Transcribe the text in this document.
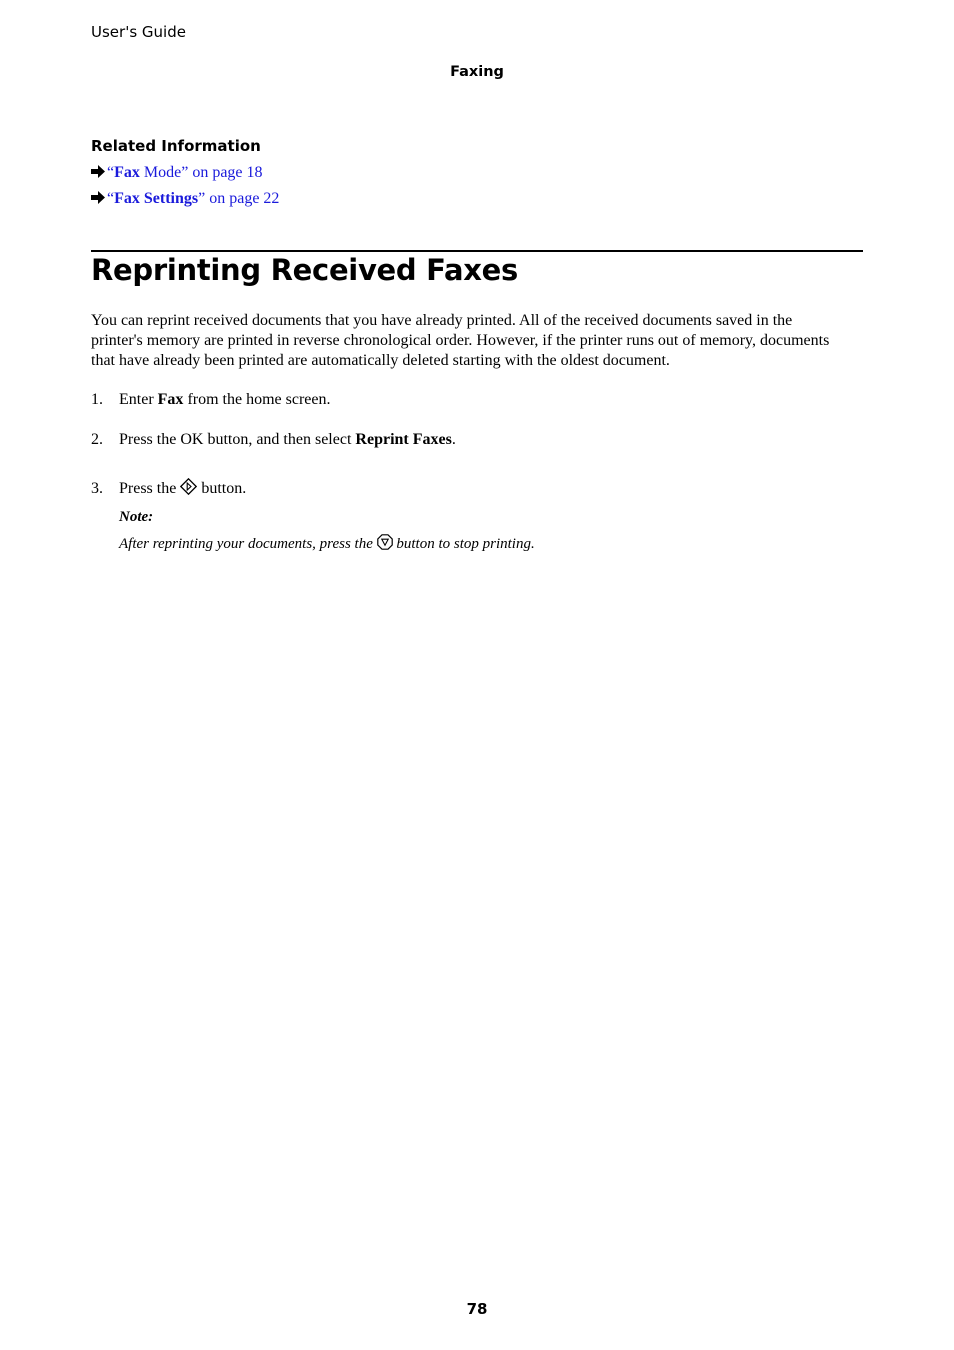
User's Guide
Faxing
Related Information
“Fax Mode” on page 18
“Fax Settings” on page 22
Reprinting Received Faxes
You can reprint received documents that you have already printed. All of the received documents saved in the printer's memory are printed in reverse chronological order. However, if the printer runs out of memory, documents that have already been printed are automatically deleted starting with the oldest document.
1. Enter Fax from the home screen.
2. Press the OK button, and then select Reprint Faxes.
3. Press the  button.
Note:
After reprinting your documents, press the  button to stop printing.
78
